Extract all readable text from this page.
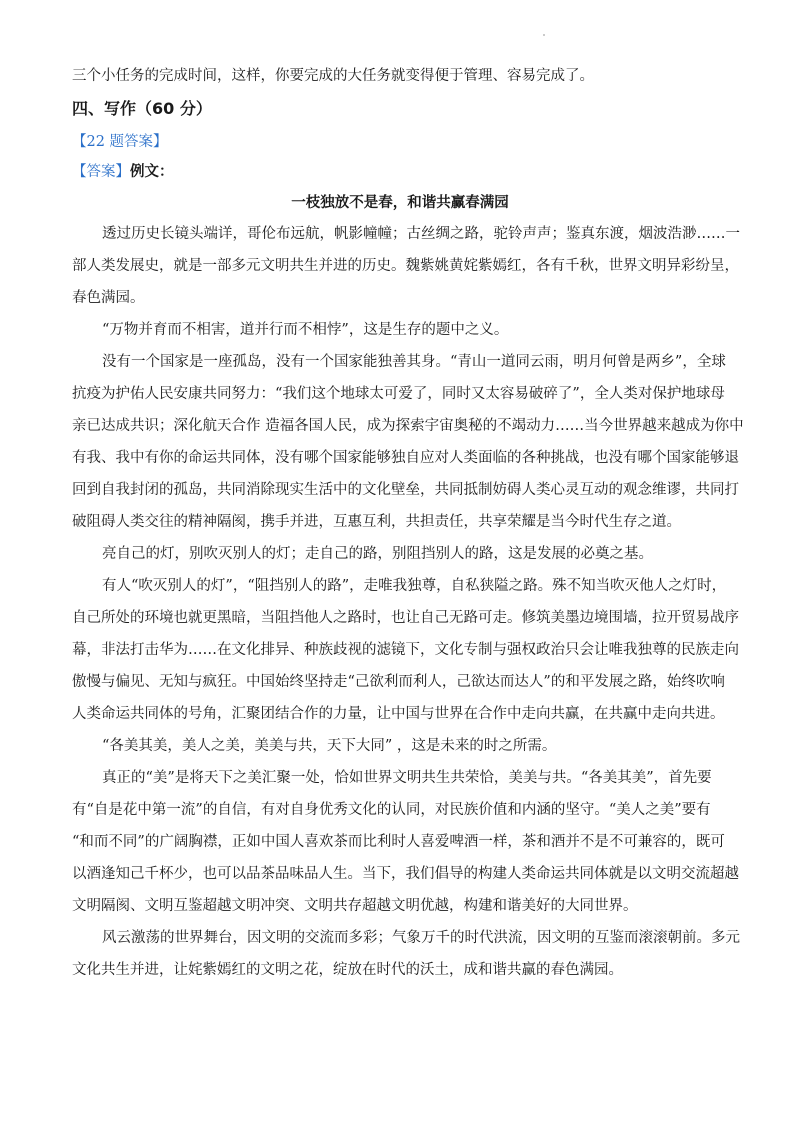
三个小任务的完成时间，这样，你要完成的大任务就变得便于管理、容易完成了。
四、写作（60 分）
【22 题答案】
【答案】例文：
一枝独放不是春，和谐共赢春满园
透过历史长镜头端详，哥伦布远航，帆影幢幢；古丝绸之路，驼铃声声；鉴真东渡，烟波浩渺……一
部人类发展史，就是一部多元文明共生并进的历史。魏紫姚黄姹紫嫣红，各有千秋，世界文明异彩纷呈，
春色满园。
“万物并育而不相害，道并行而不相悖”，这是生存的题中之义。
没有一个国家是一座孤岛，没有一个国家能独善其身。“青山一道同云雨，明月何曾是两乡”，全球
抗疫为护佑人民安康共同努力：“我们这个地球太可爱了，同时又太容易破碎了”，全人类对保护地球母
亲已达成共识；深化航天合作 造福各国人民，成为探索宇宙奥秘的不竭动力……当今世界越来越成为你中
有我、我中有你的命运共同体，没有哪个国家能够独自应对人类面临的各种挑战，也没有哪个国家能够退
回到自我封闭的孤岛，共同消除现实生活中的文化壁垒，共同抵制妨碍人类心灵互动的观念维谬，共同打
破阻碍人类交往的精神隔阂，携手并进，互惠互利，共担责任，共享荣耀是当今时代生存之道。
亮自己的灯，别吹灭别人的灯；走自己的路，别阻挡别人的路，这是发展的必奠之基。
有人“吹灭别人的灯”，“阻挡别人的路”，走唯我独尊，自私狭隘之路。殊不知当吹灭他人之灯时，
自己所处的环境也就更黑暗，当阻挡他人之路时，也让自己无路可走。修筑美墨边境围墙，拉开贸易战序
幕，非法打击华为……在文化排异、种族歧视的滤镜下，文化专制与强权政治只会让唯我独尊的民族走向
傲慢与偏见、无知与疯狂。中国始终坚持走“己欲利而利人，己欲达而达人”的和平发展之路，始终吹响
人类命运共同体的号角，汇聚团结合作的力量，让中国与世界在合作中走向共赢，在共赢中走向共进。
“各美其美，美人之美，美美与共，天下大同” ，这是未来的时之所需。
真正的“美”是将天下之美汇聚一处，恰如世界文明共生共荣恰，美美与共。“各美其美”，首先要
有“自是花中第一流”的自信，有对自身优秀文化的认同，对民族价值和内涵的坚守。“美人之美”要有
“和而不同”的广阔胸襟，正如中国人喜欢茶而比利时人喜爱啤酒一样，茶和酒并不是不可兼容的，既可
以酒逢知己千杯少，也可以品茶品味品人生。当下，我们倡导的构建人类命运共同体就是以文明交流超越
文明隔阂、文明互鉴超越文明冲突、文明共存超越文明优越，构建和谐美好的大同世界。
风云激荡的世界舞台，因文明的交流而多彩；气象万千的时代洪流，因文明的互鉴而滚滚朝前。多元
文化共生并进，让姹紫嫣红的文明之花，绽放在时代的沃土，成和谐共赢的春色满园。
